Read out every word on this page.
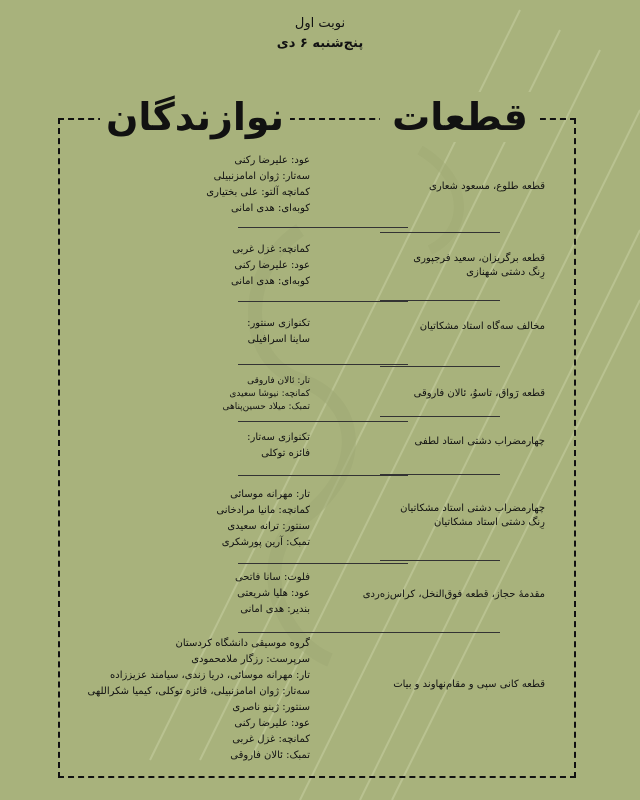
نوبت اول
پنج‌شنبه ۶ دی
قطعات
نوازندگان
قطعه طلوع، مسعود شعاری
قطعه برگریزان، سعید فرجپوری
رِنگ دشتی شهنازی
مخالف سه‌گاه استاد مشکاتیان
قطعه رَواق، تاسوُ، ئالان فاروقی
چهارمضراب دشتی استاد لطفی
چهارمضراب دشتی استاد مشکاتیان
رِنگ دشتی استاد مشکاتیان
مقدمهٔ حجاز، قطعه فوق‌النخل، کراس‌زه‌ردی
قطعه کانی سپی و مقام‌نهاوند و بیات
عود: علیرضا رکنی
سه‌تار: ژوان امامزنبیلی
کمانچه آلتو: علی بختیاری
کوبه‌ای: هدی امانی
کمانچه: غزل غربی
عود: علیرضا رکنی
کوبه‌ای: هدی امانی
تکنوازی سنتور:
ساینا اسرافیلی
تار: ئالان فاروقی
کمانچه: نیوشا سعیدی
تمبک: میلاد حسین‌پناهی
تکنوازی سه‌تار:
فائزه توکلی
تار: مهرانه موسائی
کمانچه: مانیا مرادخانی
سنتور: ترانه سعیدی
تمبک: آرین پورشکری
فلوت: سانا فاتحی
عود: هلیا شریعتی
بندیر: هدی امانی
گروه موسیقی دانشگاه کردستان
سرپرست: رزگار ملامحمودی
تار: مهرانه موسائی، دریا زندی، سیامند عزیززاده
سه‌تار: ژوان امامزنبیلی، فائزه توکلی، کیمیا شکراللهی
سنتور: ژینو ناصری
عود: علیرضا رکنی
کمانچه: غزل غربی
تمبک: ئالان فاروقی
